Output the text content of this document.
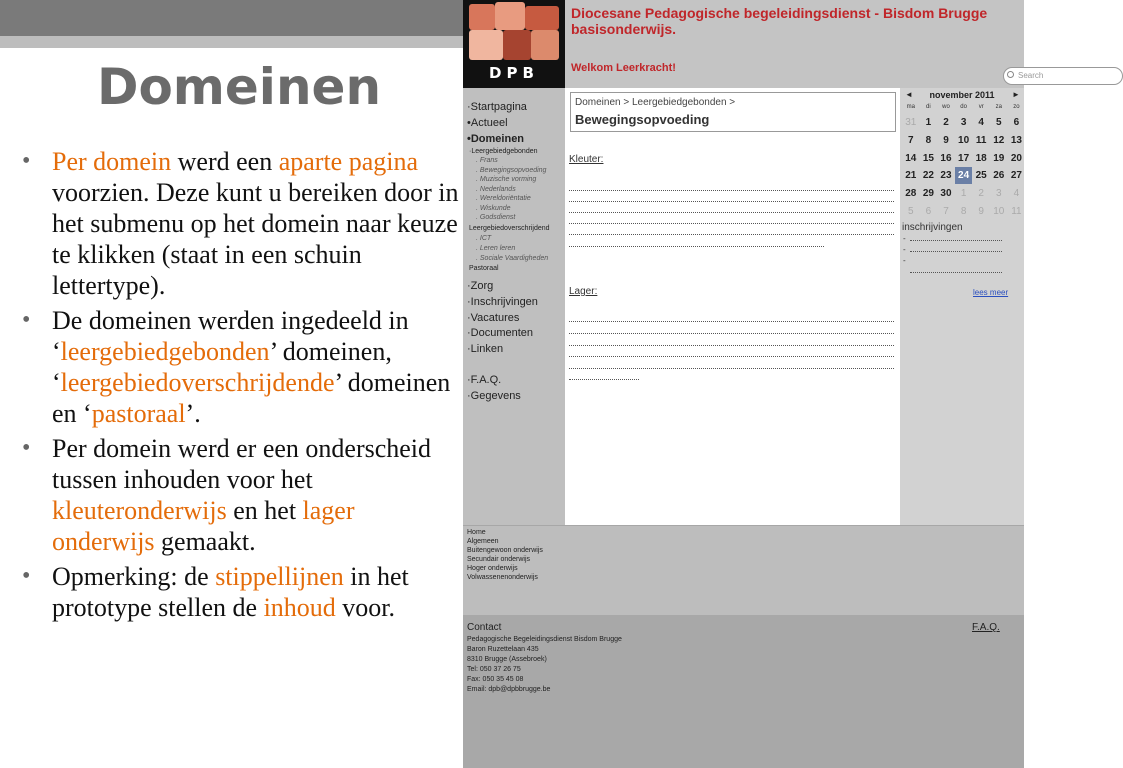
Domeinen
• Per domein werd een aparte pagina voorzien. Deze kunt u bereiken door in het submenu op het domein naar keuze te klikken (staat in een schuin lettertype).
• De domeinen werden ingedeeld in ‘leergebiedgebonden’ domeinen, ‘leergebiedoverschrijdende’ domeinen en ‘pastoraal’.
• Per domein werd er een onderscheid tussen inhouden voor het kleuteronderwijs en het lager onderwijs gemaakt.
• Opmerking: de stippellijnen in het prototype stellen de inhoud voor.
DPB
Diocesane Pedagogische begeleidingsdienst - Bisdom Brugge basisonderwijs.
Welkom Leerkracht!
Search
·Startpagina
•Actueel
•Domeinen
·Leergebiedgebonden
. Frans
. Bewegingsopvoeding
. Muzische vorming
. Nederlands
. Wereldoriëntatie
. Wiskunde
. Godsdienst
Leergebiedoverschrijdend
. ICT
. Leren leren
. Sociale Vaardigheden
Pastoraal
·Zorg
·Inschrijvingen
·Vacatures
·Documenten
·Linken
·F.A.Q.
·Gegevens
Domeinen > Leergebiedgebonden >
Bewegingsopvoeding
Kleuter:
Lager:
◄	november 2011	►
ma	di	wo	do	vr	za	zo
31 1	2	3	4	5	6
7	8	9 10 11 12 13
14 15 16 17 18 19 20
21 22 23 24 25 26 27
28 29 30 1	2	3	4
5	6	7	8	9 10 11
inschrijvingen
-
-
-
lees meer
Home
Algemeen
Buitengewoon onderwijs
Secundair onderwijs
Hoger onderwijs
Volwassenenonderwijs
Contact	F.A.Q.
Pedagogische Begeleidingsdienst Bisdom Brugge
Baron Ruzettelaan 435
8310 Brugge (Assebroek)
Tel: 050 37 26 75
Fax: 050 35 45 08
Email: dpb@dpbbrugge.be
